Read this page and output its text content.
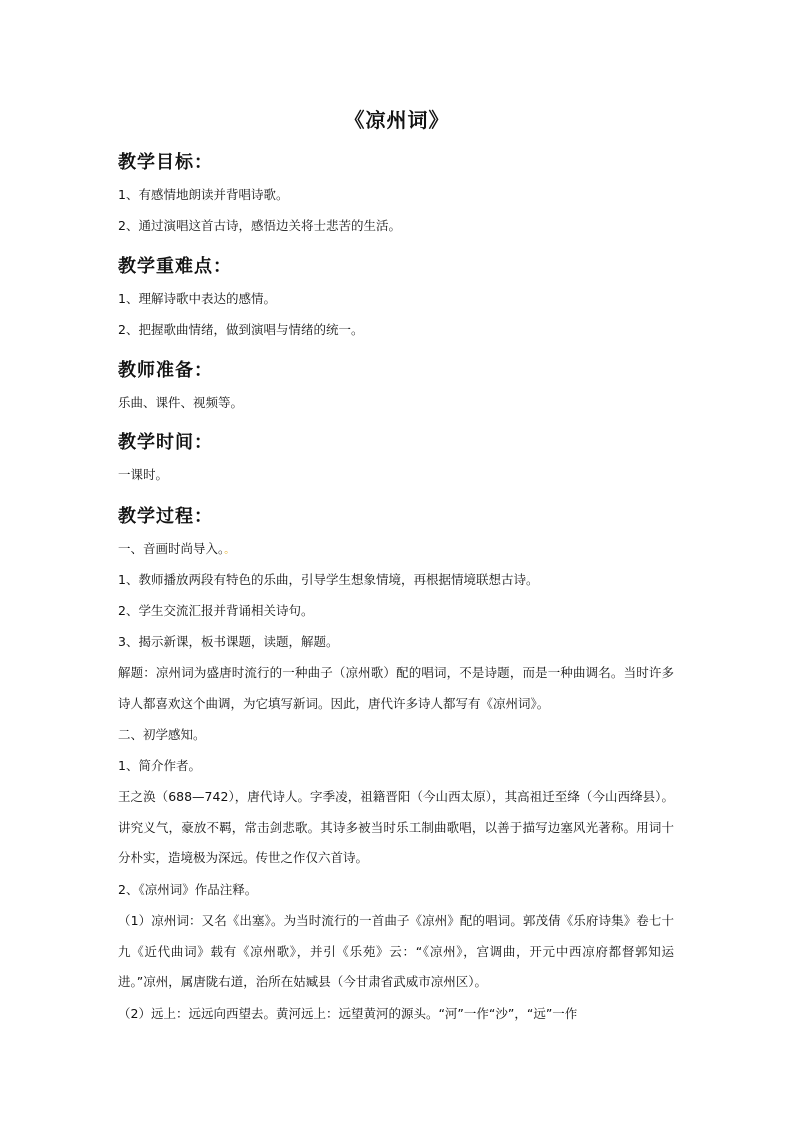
《凉州词》
教学目标：
1、有感情地朗读并背唱诗歌。
2、通过演唱这首古诗，感悟边关将士悲苦的生活。
教学重难点：
1、理解诗歌中表达的感情。
2、把握歌曲情绪，做到演唱与情绪的统一。
教师准备：
乐曲、课件、视频等。
教学时间：
一课时。
教学过程：
一、音画时尚导入。。
1、教师播放两段有特色的乐曲，引导学生想象情境，再根据情境联想古诗。
2、学生交流汇报并背诵相关诗句。
3、揭示新课，板书课题，读题，解题。
解题：凉州词为盛唐时流行的一种曲子（凉州歌）配的唱词，不是诗题，而是一种曲调名。当时许多诗人都喜欢这个曲调，为它填写新词。因此，唐代许多诗人都写有《凉州词》。
二、初学感知。
1、简介作者。
王之涣（688—742），唐代诗人。字季凌，祖籍晋阳（今山西太原），其高祖迁至绛（今山西绛县）。讲究义气，豪放不羁，常击剑悲歌。其诗多被当时乐工制曲歌唱，以善于描写边塞风光著称。用词十分朴实，造境极为深远。传世之作仅六首诗。
2、《凉州词》作品注释。
（1）凉州词：又名《出塞》。为当时流行的一首曲子《凉州》配的唱词。郭茂倩《乐府诗集》卷七十九《近代曲词》载有《凉州歌》，并引《乐苑》云：“《凉州》，宫调曲，开元中西凉府都督郭知运进。”凉州，属唐陇右道，治所在姑臧县（今甘肃省武威市凉州区）。
（2）远上：远远向西望去。黄河远上：远望黄河的源头。“河”一作“沙”，“远”一作
